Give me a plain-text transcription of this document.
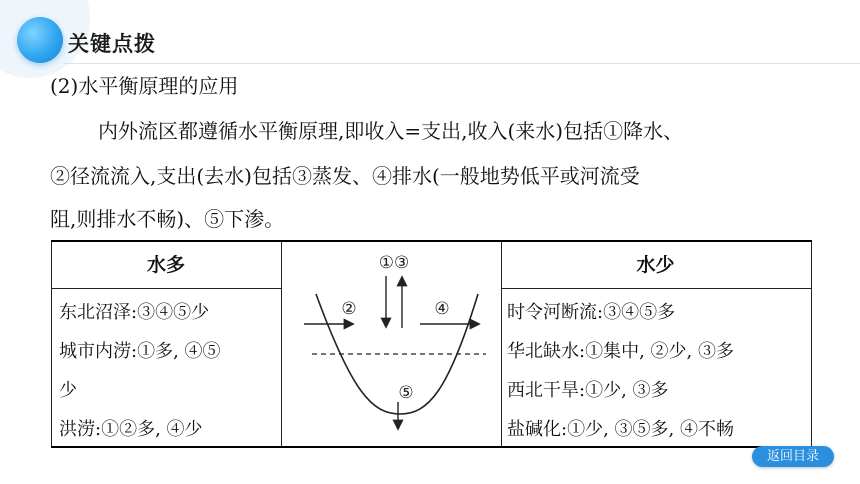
关键点拨
(2)水平衡原理的应用
内外流区都遵循水平衡原理,即收入=支出,收入(来水)包括①降水、
②径流流入,支出(去水)包括③蒸发、④排水(一般地势低平或河流受
阻,则排水不畅)、⑤下渗。
水多	水少
东北沼泽:③④⑤少
城市内涝:①多, ④⑤
少
洪涝:①②多, ④少
时令河断流:③④⑤多
华北缺水:①集中, ②少, ③多
西北干旱:①少, ③多
盐碱化:①少, ③⑤多, ④不畅
①③
②	④
⑤
返回目录
